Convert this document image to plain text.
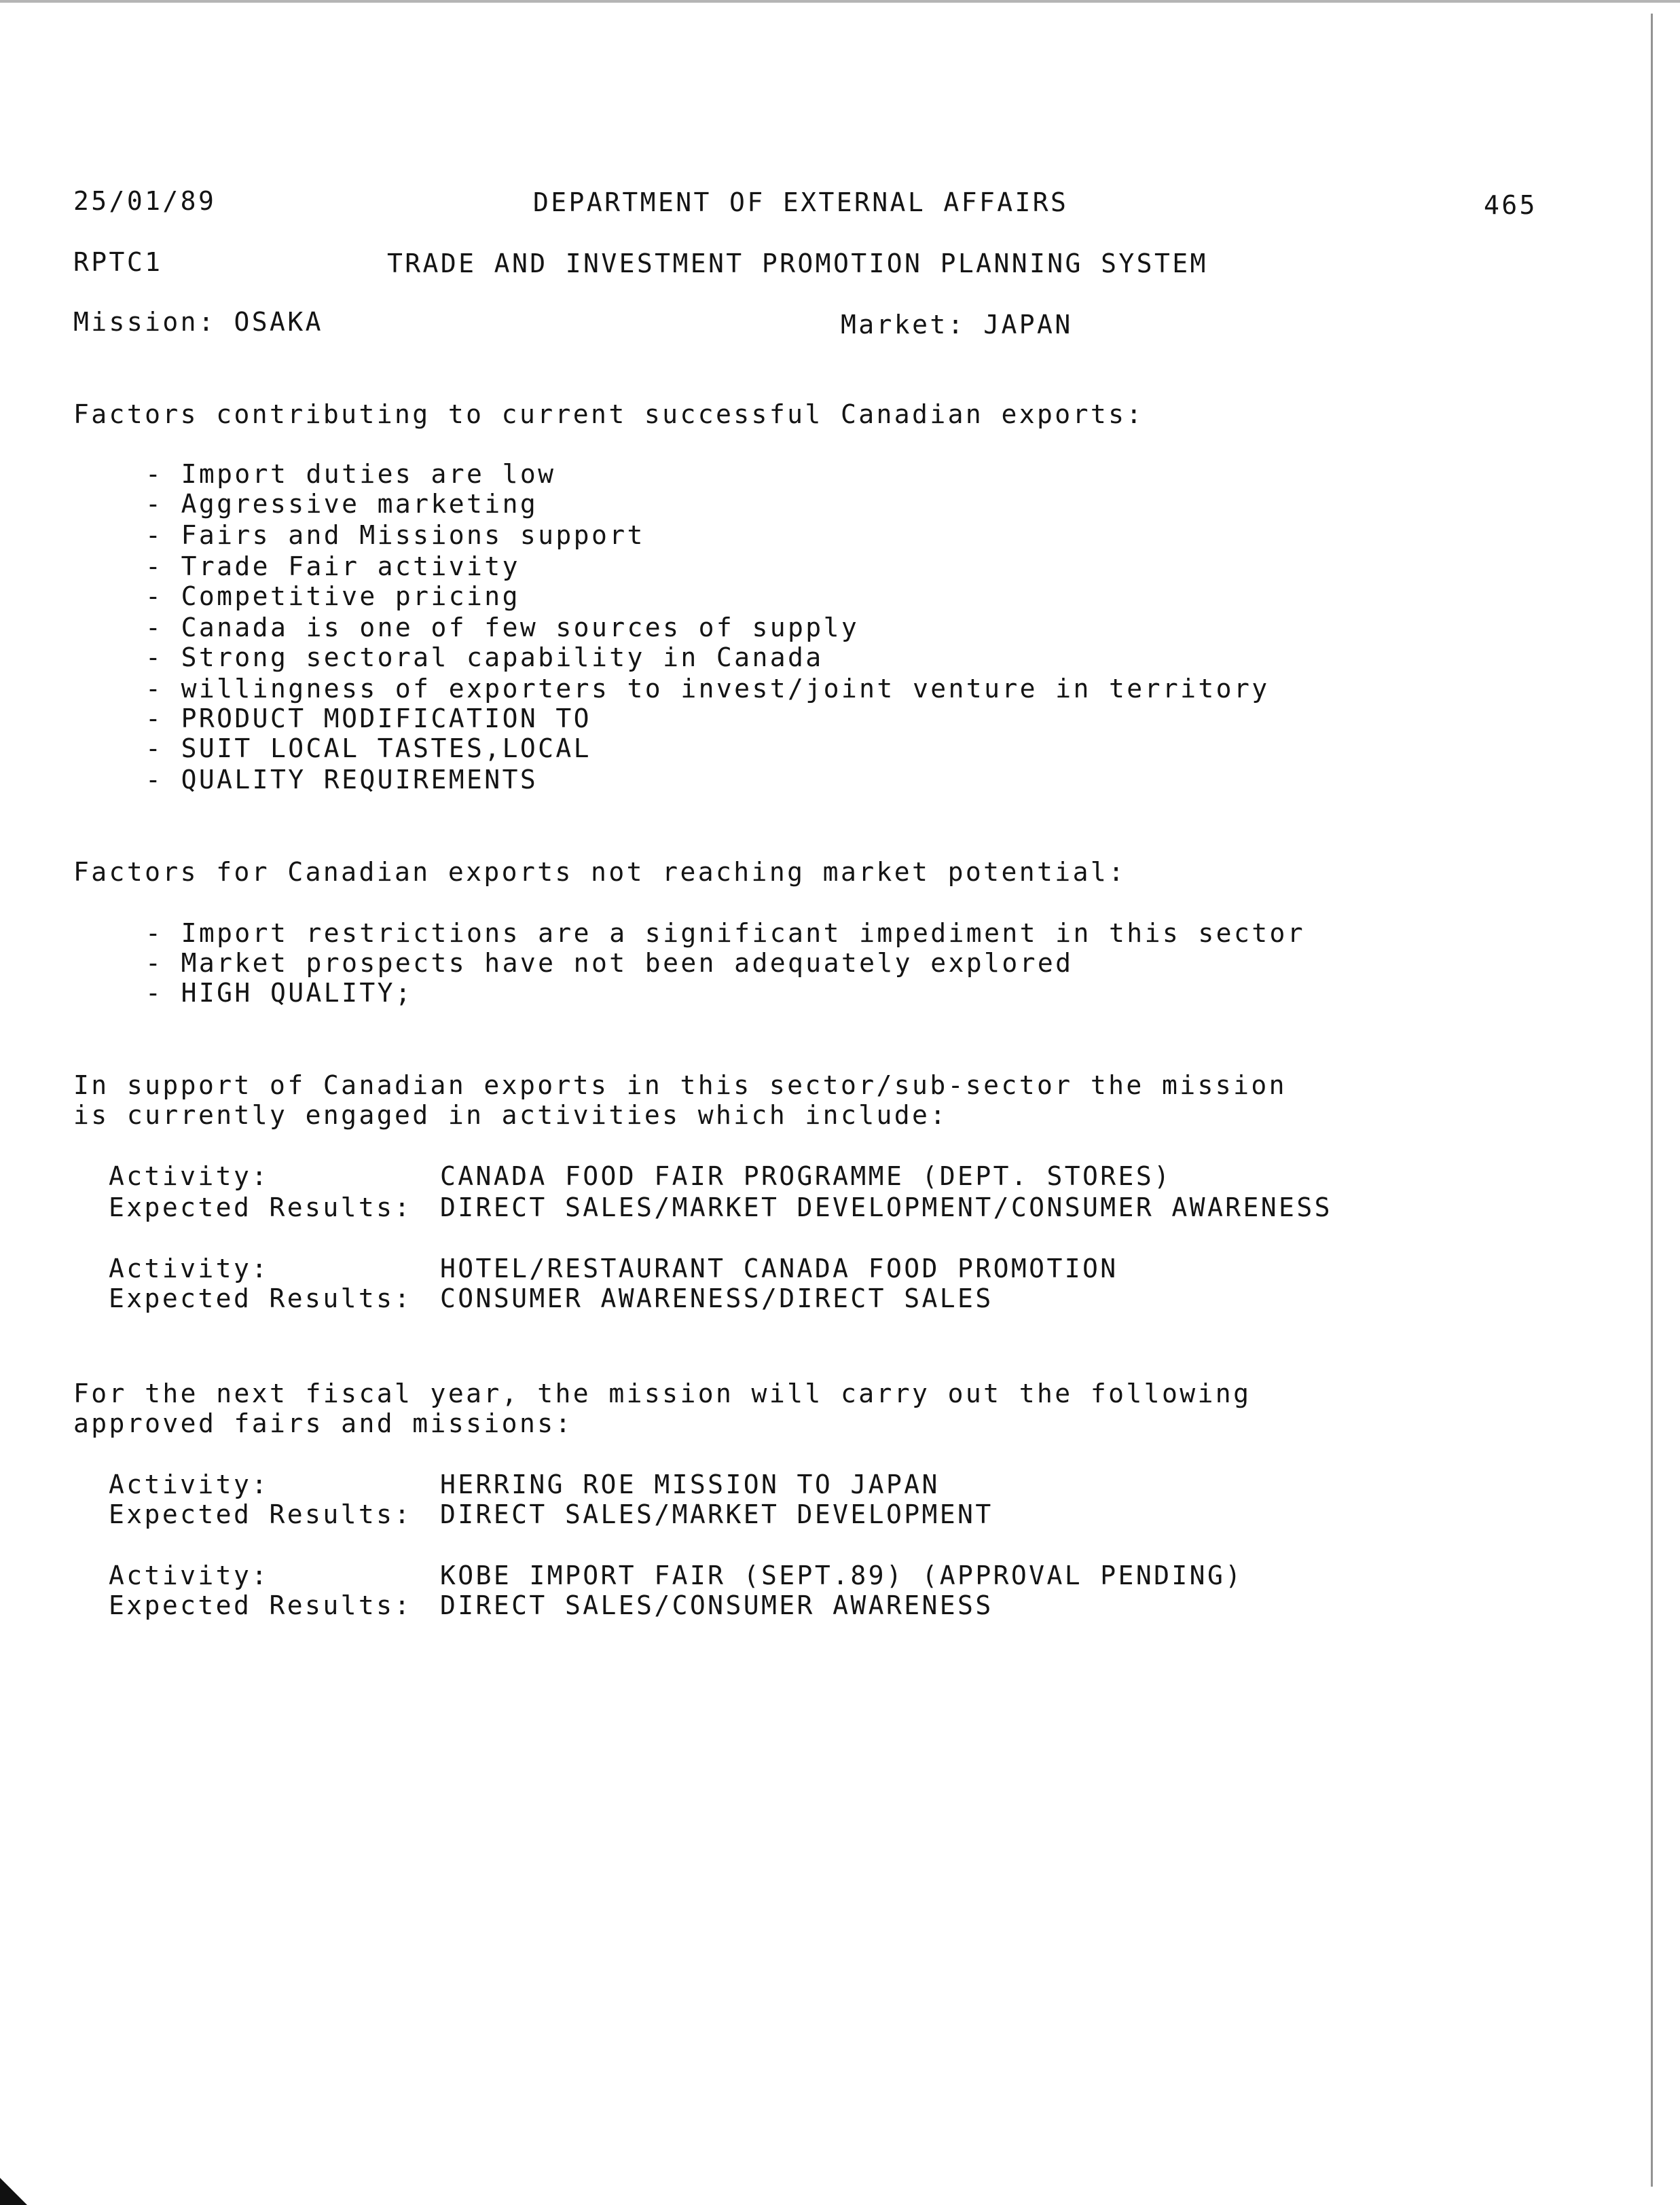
25/01/89	DEPARTMENT OF EXTERNAL AFFAIRS	465
RPTC1	TRADE AND INVESTMENT PROMOTION PLANNING SYSTEM
Mission: OSAKA	Market: JAPAN
Factors contributing to current successful Canadian exports:
- Import duties are low
- Aggressive marketing
- Fairs and Missions support
- Trade Fair activity
- Competitive pricing
- Canada is one of few sources of supply
- Strong sectoral capability in Canada
- willingness of exporters to invest/joint venture in territory
- PRODUCT MODIFICATION TO
- SUIT LOCAL TASTES,LOCAL
- QUALITY REQUIREMENTS
Factors for Canadian exports not reaching market potential:
- Import restrictions are a significant impediment in this sector
- Market prospects have not been adequately explored
- HIGH QUALITY;
In support of Canadian exports in this sector/sub-sector the mission
is currently engaged in activities which include:
Activity:	CANADA FOOD FAIR PROGRAMME (DEPT. STORES)
Expected Results: DIRECT SALES/MARKET DEVELOPMENT/CONSUMER AWARENESS
Activity:	HOTEL/RESTAURANT CANADA FOOD PROMOTION
Expected Results: CONSUMER AWARENESS/DIRECT SALES
For the next fiscal year, the mission will carry out the following
approved fairs and missions:
Activity:	HERRING ROE MISSION TO JAPAN
Expected Results: DIRECT SALES/MARKET DEVELOPMENT
Activity:	KOBE IMPORT FAIR (SEPT.89) (APPROVAL PENDING)
Expected Results: DIRECT SALES/CONSUMER AWARENESS
